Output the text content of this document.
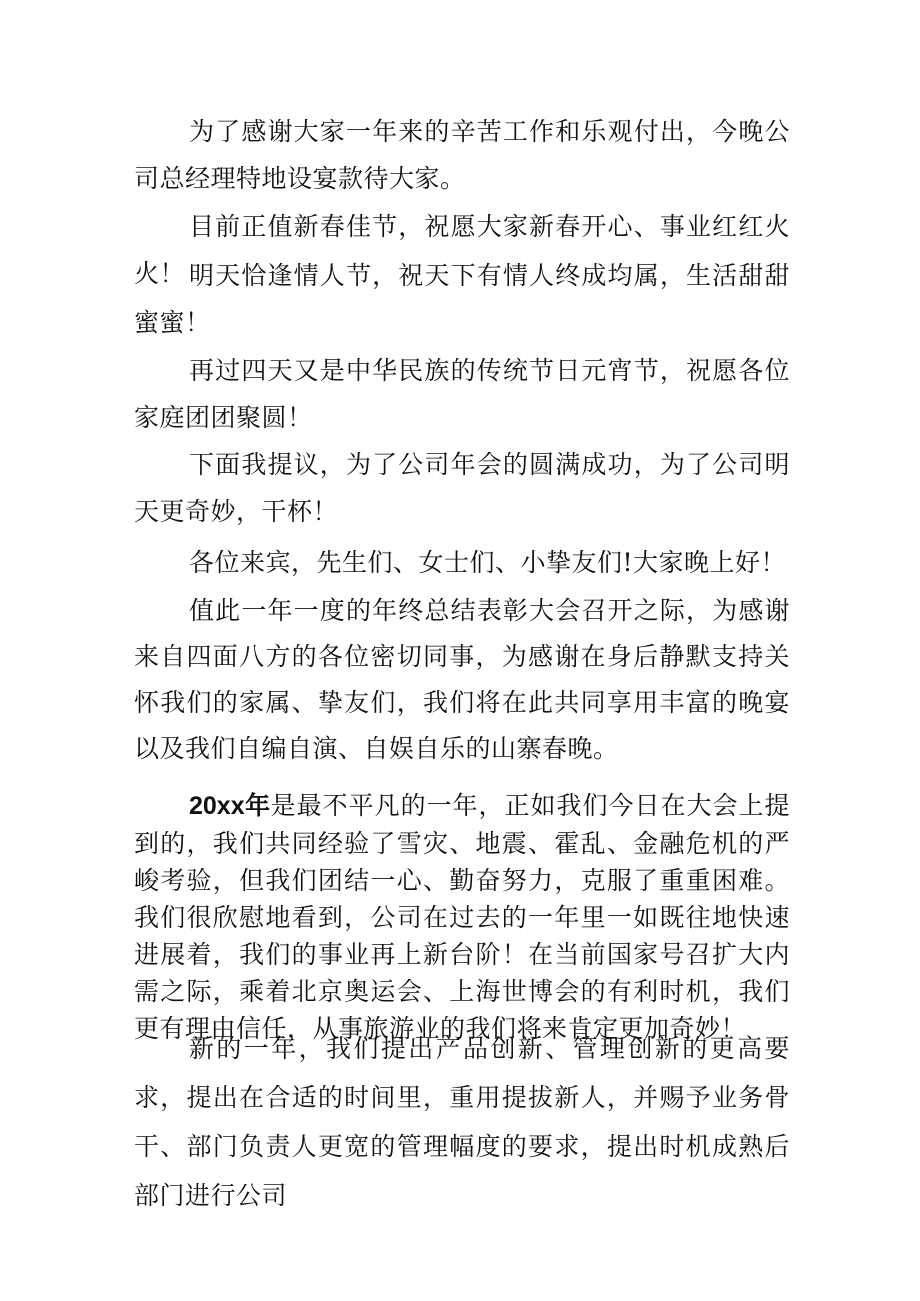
为了感谢大家一年来的辛苦工作和乐观付出，今晚公司总经理特地设宴款待大家。

目前正值新春佳节，祝愿大家新春开心、事业红红火火！ 明天恰逢情人节，祝天下有情人终成均属，生活甜甜蜜蜜！

再过四天又是中华民族的传统节日元宵节，祝愿各位家庭团团聚圆！

下面我提议，为了公司年会的圆满成功，为了公司明天更奇妙，干杯！

各位来宾，先生们、女士们、小挚友们!大家晚上好！

值此一年一度的年终总结表彰大会召开之际，为感谢来自四面八方的各位密切同事，为感谢在身后静默支持关怀我们的家属、挚友们，我们将在此共同享用丰富的晚宴以及我们自编自演、自娱自乐的山寨春晚。

20xx年是最不平凡的一年，正如我们今日在大会上提到的，我们共同经验了雪灾、地震、霍乱、金融危机的严峻考验，但我们团结一心、勤奋努力，克服了重重困难。我们很欣慰地看到，公司在过去的一年里一如既往地快速进展着，我们的事业再上新台阶！在当前国家号召扩大内需之际，乘着北京奥运会、上海世博会的有利时机，我们更有理由信任，从事旅游业的我们将来肯定更加奇妙！

新的一年，我们提出产品创新、管理创新的更高要求，提出在合适的时间里，重用提拔新人，并赐予业务骨干、部门负责人更宽的管理幅度的要求，提出时机成熟后部门进行公司
